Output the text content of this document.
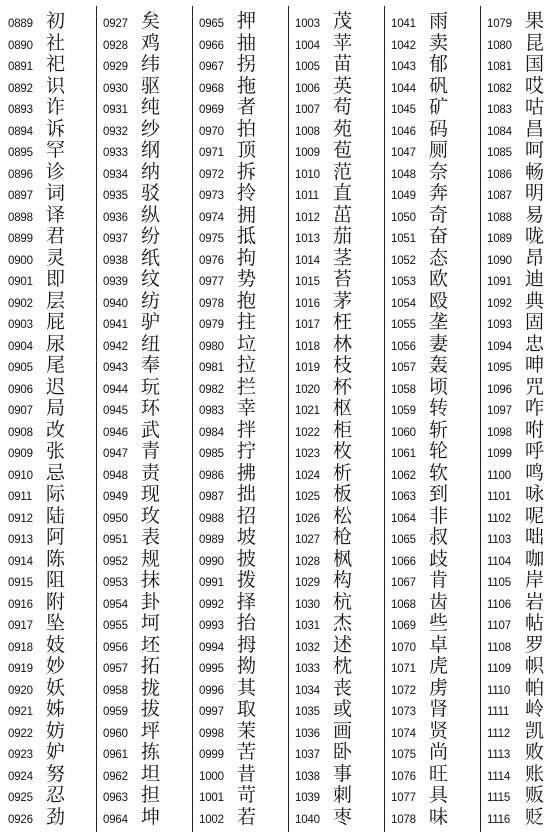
0889 初
0890 社
0891 祀
0892 识
0893 诈
0894 诉
0895 罕
0896 诊
0897 词
0898 译
0899 君
0900 灵
0901 即
0902 层
0903 屁
0904 尿
0905 尾
0906 迟
0907 局
0908 改
0909 张
0910 忌
0911 际
0912 陆
0913 阿
0914 陈
0915 阻
0916 附
0917 坠
0918 妓
0919 妙
0920 妖
0921 姊
0922 妨
0923 妒
0924 努
0925 忍
0926 劲
0927 矣
0928 鸡
0929 纬
0930 驱
0931 纯
0932 纱
0933 纲
0934 纳
0935 驳
0936 纵
0937 纷
0938 纸
0939 纹
0940 纺
0941 驴
0942 纽
0943 奉
0944 玩
0945 环
0946 武
0947 青
0948 责
0949 现
0950 玫
0951 表
0952 规
0953 抹
0954 卦
0955 坷
0956 坯
0957 拓
0958 拢
0959 拔
0960 坪
0961 拣
0962 坦
0963 担
0964 坤
0965 押
0966 抽
0967 拐
0968 拖
0969 者
0970 拍
0971 顶
0972 拆
0973 拎
0974 拥
0975 抵
0976 拘
0977 势
0978 抱
0979 拄
0980 垃
0981 拉
0982 拦
0983 幸
0984 拌
0985 拧
0986 拂
0987 拙
0988 招
0989 坡
0990 披
0991 拨
0992 择
0993 抬
0994 拇
0995 拗
0996 其
0997 取
0998 茉
0999 苦
1000 昔
1001 苛
1002 若
1003 茂
1004 苹
1005 苗
1006 英
1007 苟
1008 苑
1009 苞
1010 范
1011 直
1012 茁
1013 茄
1014 茎
1015 苔
1016 茅
1017 枉
1018 林
1019 枝
1020 杯
1021 枢
1022 柜
1023 枚
1024 析
1025 板
1026 松
1027 枪
1028 枫
1029 构
1030 杭
1031 杰
1032 述
1033 枕
1034 丧
1035 或
1036 画
1037 卧
1038 事
1039 刺
1040 枣
1041 雨
1042 卖
1043 郁
1044 矾
1045 矿
1046 码
1047 厕
1048 奈
1049 奔
1050 奇
1051 奋
1052 态
1053 欧
1054 殴
1055 垄
1056 妻
1057 轰
1058 顷
1059 转
1060 斩
1061 轮
1062 软
1063 到
1064 非
1065 叔
1066 歧
1067 肯
1068 齿
1069 些
1070 卓
1071 虎
1072 虏
1073 肾
1074 贤
1075 尚
1076 旺
1077 具
1078 味
1079 果
1080 昆
1081 国
1082 哎
1083 咕
1084 昌
1085 呵
1086 畅
1087 明
1088 易
1089 咙
1090 昂
1091 迪
1092 典
1093 固
1094 忠
1095 呻
1096 咒
1097 咋
1098 咐
1099 呼
1100 鸣
1101 咏
1102 呢
1103 咄
1104 咖
1105 岸
1106 岩
1107 帖
1108 罗
1109 帜
1110 帕
1111 岭
1112 凯
1113 败
1114 账
1115 贩
1116 贬
